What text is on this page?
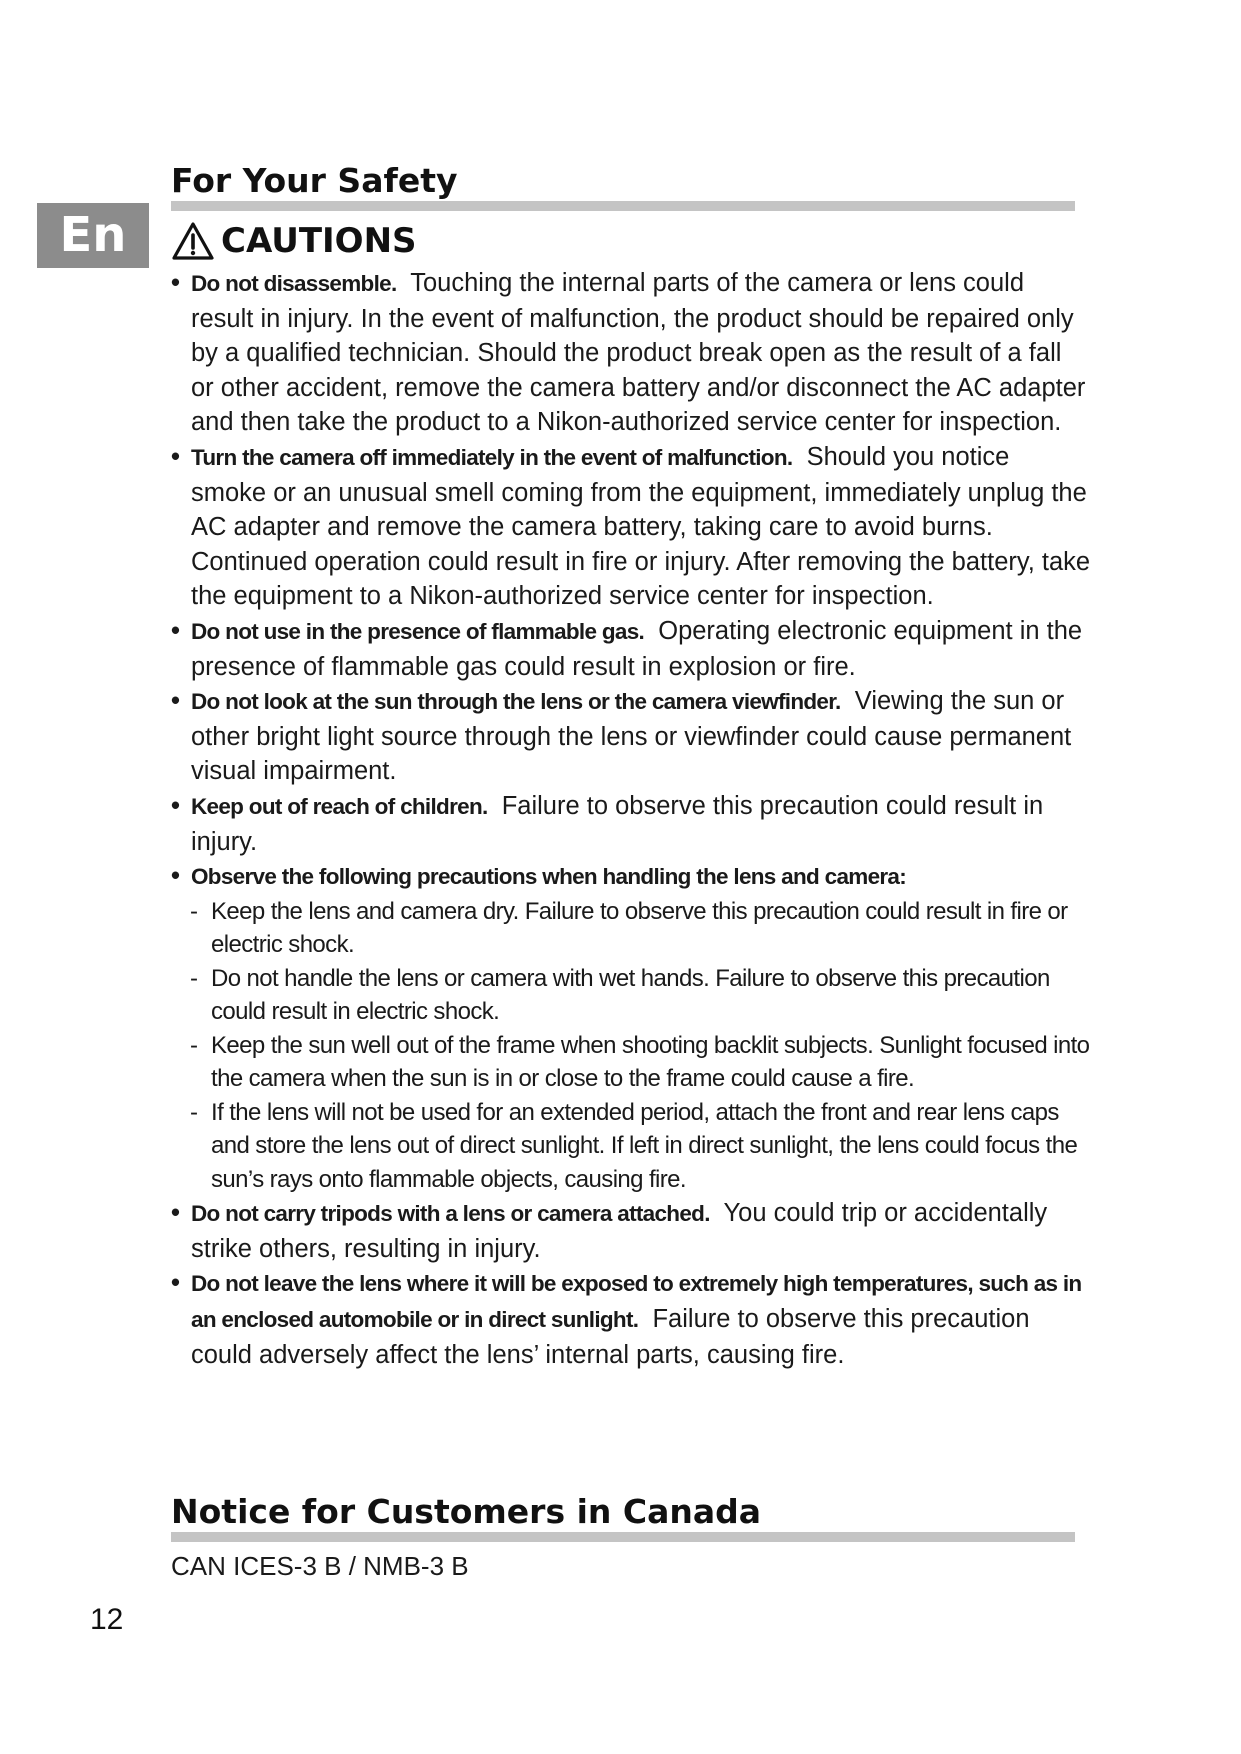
En
For Your Safety
CAUTIONS
• Do not disassemble. Touching the internal parts of the camera or lens could result in injury. In the event of malfunction, the product should be repaired only by a qualified technician. Should the product break open as the result of a fall or other accident, remove the camera battery and/or disconnect the AC adapter and then take the product to a Nikon-authorized service center for inspection.
• Turn the camera off immediately in the event of malfunction. Should you notice smoke or an unusual smell coming from the equipment, immediately unplug the AC adapter and remove the camera battery, taking care to avoid burns. Continued operation could result in fire or injury. After removing the battery, take the equipment to a Nikon-authorized service center for inspection.
• Do not use in the presence of flammable gas. Operating electronic equipment in the presence of flammable gas could result in explosion or fire.
• Do not look at the sun through the lens or the camera viewfinder. Viewing the sun or other bright light source through the lens or viewfinder could cause permanent visual impairment.
• Keep out of reach of children. Failure to observe this precaution could result in injury.
• Observe the following precautions when handling the lens and camera:
- Keep the lens and camera dry. Failure to observe this precaution could result in fire or electric shock.
- Do not handle the lens or camera with wet hands. Failure to observe this precaution could result in electric shock.
- Keep the sun well out of the frame when shooting backlit subjects. Sunlight focused into the camera when the sun is in or close to the frame could cause a fire.
- If the lens will not be used for an extended period, attach the front and rear lens caps and store the lens out of direct sunlight. If left in direct sunlight, the lens could focus the sun’s rays onto flammable objects, causing fire.
• Do not carry tripods with a lens or camera attached. You could trip or accidentally strike others, resulting in injury.
• Do not leave the lens where it will be exposed to extremely high temperatures, such as in an enclosed automobile or in direct sunlight. Failure to observe this precaution could adversely affect the lens’ internal parts, causing fire.
Notice for Customers in Canada
CAN ICES-3 B / NMB-3 B
12
